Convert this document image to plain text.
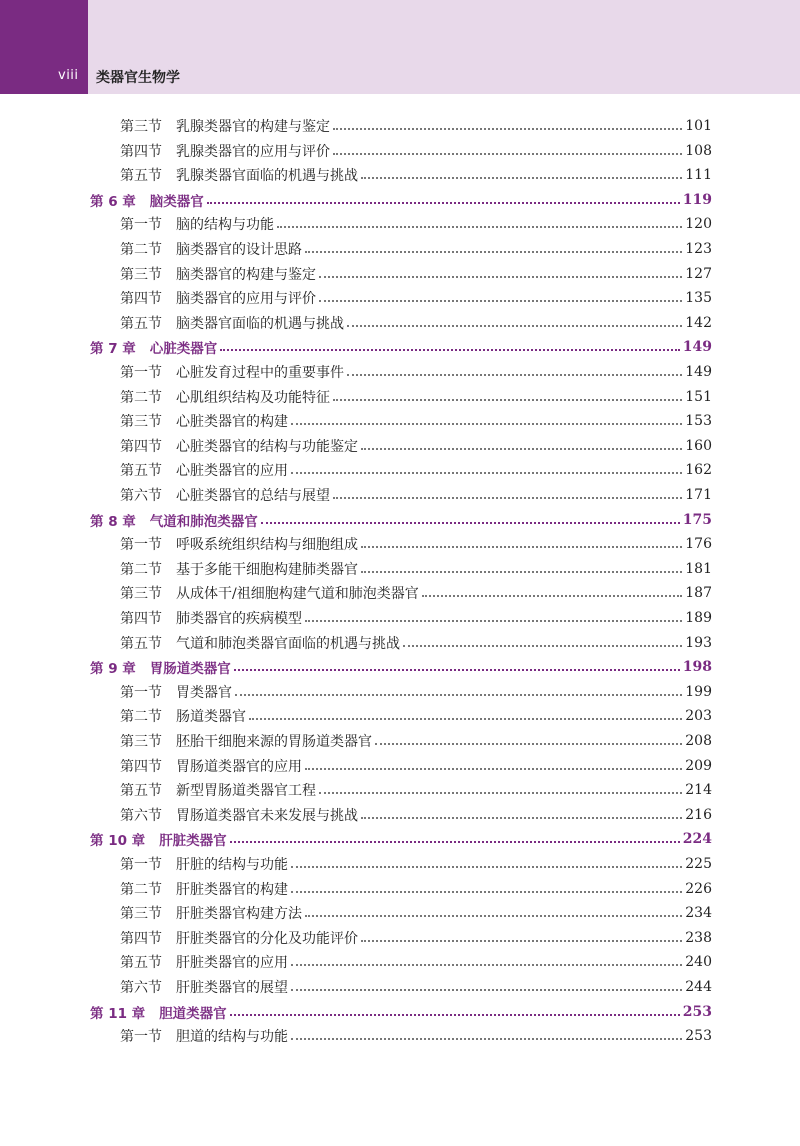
viii 类器官生物学
第三节 乳腺类器官的构建与鉴定	101
第四节 乳腺类器官的应用与评价	108
第五节 乳腺类器官面临的机遇与挑战	111
第 6 章 脑类器官	119
第一节 脑的结构与功能	120
第二节 脑类器官的设计思路	123
第三节 脑类器官的构建与鉴定	127
第四节 脑类器官的应用与评价	135
第五节 脑类器官面临的机遇与挑战	142
第 7 章 心脏类器官	149
第一节 心脏发育过程中的重要事件	149
第二节 心肌组织结构及功能特征	151
第三节 心脏类器官的构建	153
第四节 心脏类器官的结构与功能鉴定	160
第五节 心脏类器官的应用	162
第六节 心脏类器官的总结与展望	171
第 8 章 气道和肺泡类器官	175
第一节 呼吸系统组织结构与细胞组成	176
第二节 基于多能干细胞构建肺类器官	181
第三节 从成体干/祖细胞构建气道和肺泡类器官	187
第四节 肺类器官的疾病模型	189
第五节 气道和肺泡类器官面临的机遇与挑战	193
第 9 章 胃肠道类器官	198
第一节 胃类器官	199
第二节 肠道类器官	203
第三节 胚胎干细胞来源的胃肠道类器官	208
第四节 胃肠道类器官的应用	209
第五节 新型胃肠道类器官工程	214
第六节 胃肠道类器官未来发展与挑战	216
第 10 章 肝脏类器官	224
第一节 肝脏的结构与功能	225
第二节 肝脏类器官的构建	226
第三节 肝脏类器官构建方法	234
第四节 肝脏类器官的分化及功能评价	238
第五节 肝脏类器官的应用	240
第六节 肝脏类器官的展望	244
第 11 章 胆道类器官	253
第一节 胆道的结构与功能	253
